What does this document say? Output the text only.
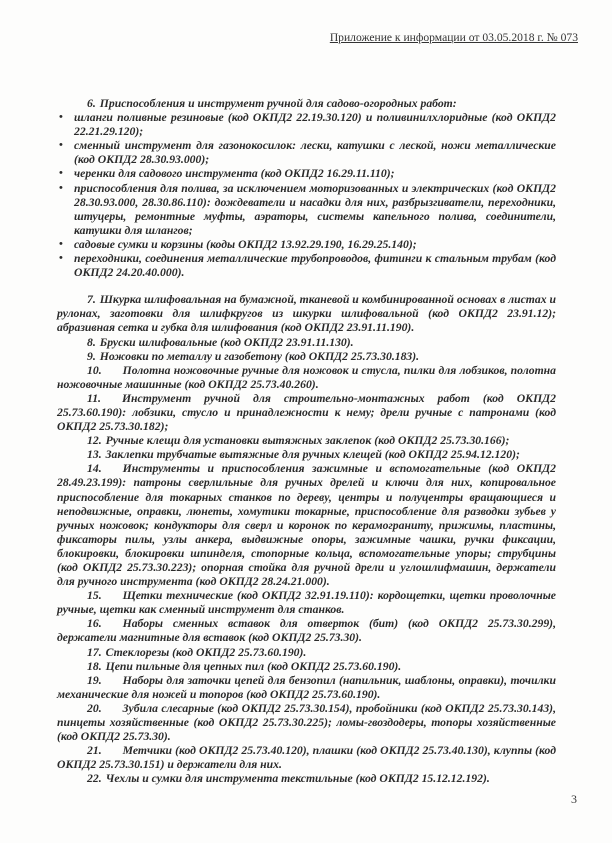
Приложение к информации от 03.05.2018 г. № 073

6. Приспособления и инструмент ручной для садово-огородных работ:

• шланги поливные резиновые (код ОКПД2 22.19.30.120) и поливинилхлоридные (код ОКПД2 22.21.29.120);
• сменный инструмент для газонокосилок: лески, катушки с леской, ножи металлические (код ОКПД2 28.30.93.000);
• черенки для садового инструмента (код ОКПД2 16.29.11.110);
• приспособления для полива, за исключением моторизованных и электрических (код ОКПД2 28.30.93.000, 28.30.86.110): дождеватели и насадки для них, разбрызгиватели, переходники, штуцеры, ремонтные муфты, аэраторы, системы капельного полива, соединители, катушки для шлангов;
• садовые сумки и корзины (коды ОКПД2 13.92.29.190, 16.29.25.140);
• переходники, соединения металлические трубопроводов, фитинги к стальным трубам (код ОКПД2 24.20.40.000).

7. Шкурка шлифовальная на бумажной, тканевой и комбинированной основах в листах и рулонах, заготовки для шлифкругов из шкурки шлифовальной (код ОКПД2 23.91.12); абразивная сетка и губка для шлифования (код ОКПД2 23.91.11.190).

8. Бруски шлифовальные (код ОКПД2 23.91.11.130).

9. Ножовки по металлу и газобетону (код ОКПД2 25.73.30.183).

10. Полотна ножовочные ручные для ножовок и стусла, пилки для лобзиков, полотна ножовочные машинные (код ОКПД2 25.73.40.260).

11. Инструмент ручной для строительно-монтажных работ (код ОКПД2 25.73.60.190): лобзики, стусло и принадлежности к нему; дрели ручные с патронами (код ОКПД2 25.73.30.182);

12. Ручные клещи для установки вытяжных заклепок (код ОКПД2 25.73.30.166);

13. Заклепки трубчатые вытяжные для ручных клещей (код ОКПД2 25.94.12.120);

14. Инструменты и приспособления зажимные и вспомогательные (код ОКПД2 28.49.23.199): патроны сверлильные для ручных дрелей и ключи для них, копировальное приспособление для токарных станков по дереву, центры и полуцентры вращающиеся и неподвижные, оправки, люнеты, хомутики токарные, приспособление для разводки зубьев у ручных ножовок; кондукторы для сверл и коронок по керамограниту, прижимы, пластины, фиксаторы пилы, узлы анкера, выдвижные опоры, зажимные чашки, ручки фиксации, блокировки, блокировки шпинделя, стопорные кольца, вспомогательные упоры; струбцины (код ОКПД2 25.73.30.223); опорная стойка для ручной дрели и углошлифмашин, держатели для ручного инструмента (код ОКПД2 28.24.21.000).

15. Щетки технические (код ОКПД2 32.91.19.110): кордощетки, щетки проволочные ручные, щетки как сменный инструмент для станков.

16. Наборы сменных вставок для отверток (бит) (код ОКПД2 25.73.30.299), держатели магнитные для вставок (код ОКПД2 25.73.30).

17. Стеклорезы (код ОКПД2 25.73.60.190).

18. Цепи пильные для цепных пил (код ОКПД2 25.73.60.190).

19. Наборы для заточки цепей для бензопил (напильник, шаблоны, оправки), точилки механические для ножей и топоров (код ОКПД2 25.73.60.190).

20. Зубила слесарные (код ОКПД2 25.73.30.154), пробойники (код ОКПД2 25.73.30.143), пинцеты хозяйственные (код ОКПД2 25.73.30.225); ломы-гвоздодеры, топоры хозяйственные (код ОКПД2 25.73.30).

21. Метчики (код ОКПД2 25.73.40.120), плашки (код ОКПД2 25.73.40.130), клуппы (код ОКПД2 25.73.30.151) и держатели для них.

22. Чехлы и сумки для инструмента текстильные (код ОКПД2 15.12.12.192).

3
